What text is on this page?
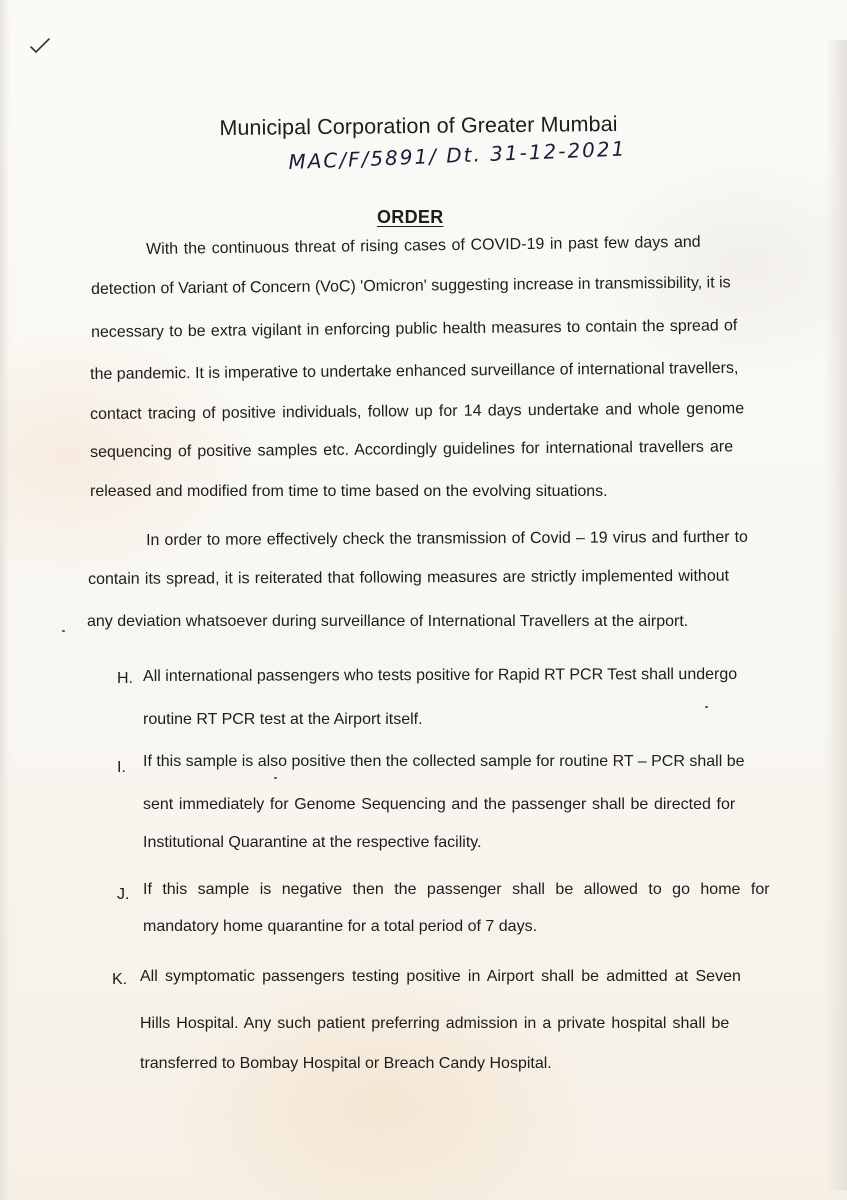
Municipal Corporation of Greater Mumbai
MAC/F/5891/ Dt. 31-12-2021
ORDER
With the continuous threat of rising cases of COVID-19 in past few days and
detection of Variant of Concern (VoC) 'Omicron' suggesting increase in transmissibility, it is
necessary to be extra vigilant in enforcing public health measures to contain the spread of
the pandemic. It is imperative to undertake enhanced surveillance of international travellers,
contact tracing of positive individuals, follow up for 14 days undertake and whole genome
sequencing of positive samples etc. Accordingly guidelines for international travellers are
released and modified from time to time based on the evolving situations.
In order to more effectively check the transmission of Covid – 19 virus and further to
contain its spread, it is reiterated that following measures are strictly implemented without
any deviation whatsoever during surveillance of International Travellers at the airport.
H. All international passengers who tests positive for Rapid RT PCR Test shall undergo
routine RT PCR test at the Airport itself.
I. If this sample is also positive then the collected sample for routine RT – PCR shall be
sent immediately for Genome Sequencing and the passenger shall be directed for
Institutional Quarantine at the respective facility.
J. If this sample is negative then the passenger shall be allowed to go home for
mandatory home quarantine for a total period of 7 days.
K. All symptomatic passengers testing positive in Airport shall be admitted at Seven
Hills Hospital. Any such patient preferring admission in a private hospital shall be
transferred to Bombay Hospital or Breach Candy Hospital.
